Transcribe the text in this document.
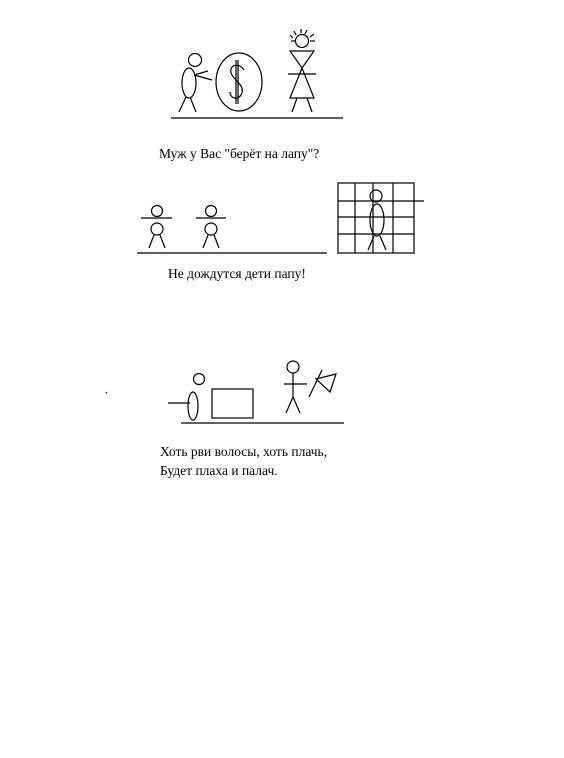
Муж у Вас "берёт на лапу"?
Не дождутся дети папу!
Хоть рви волосы, хоть плачь,
Будет плаха и палач.
